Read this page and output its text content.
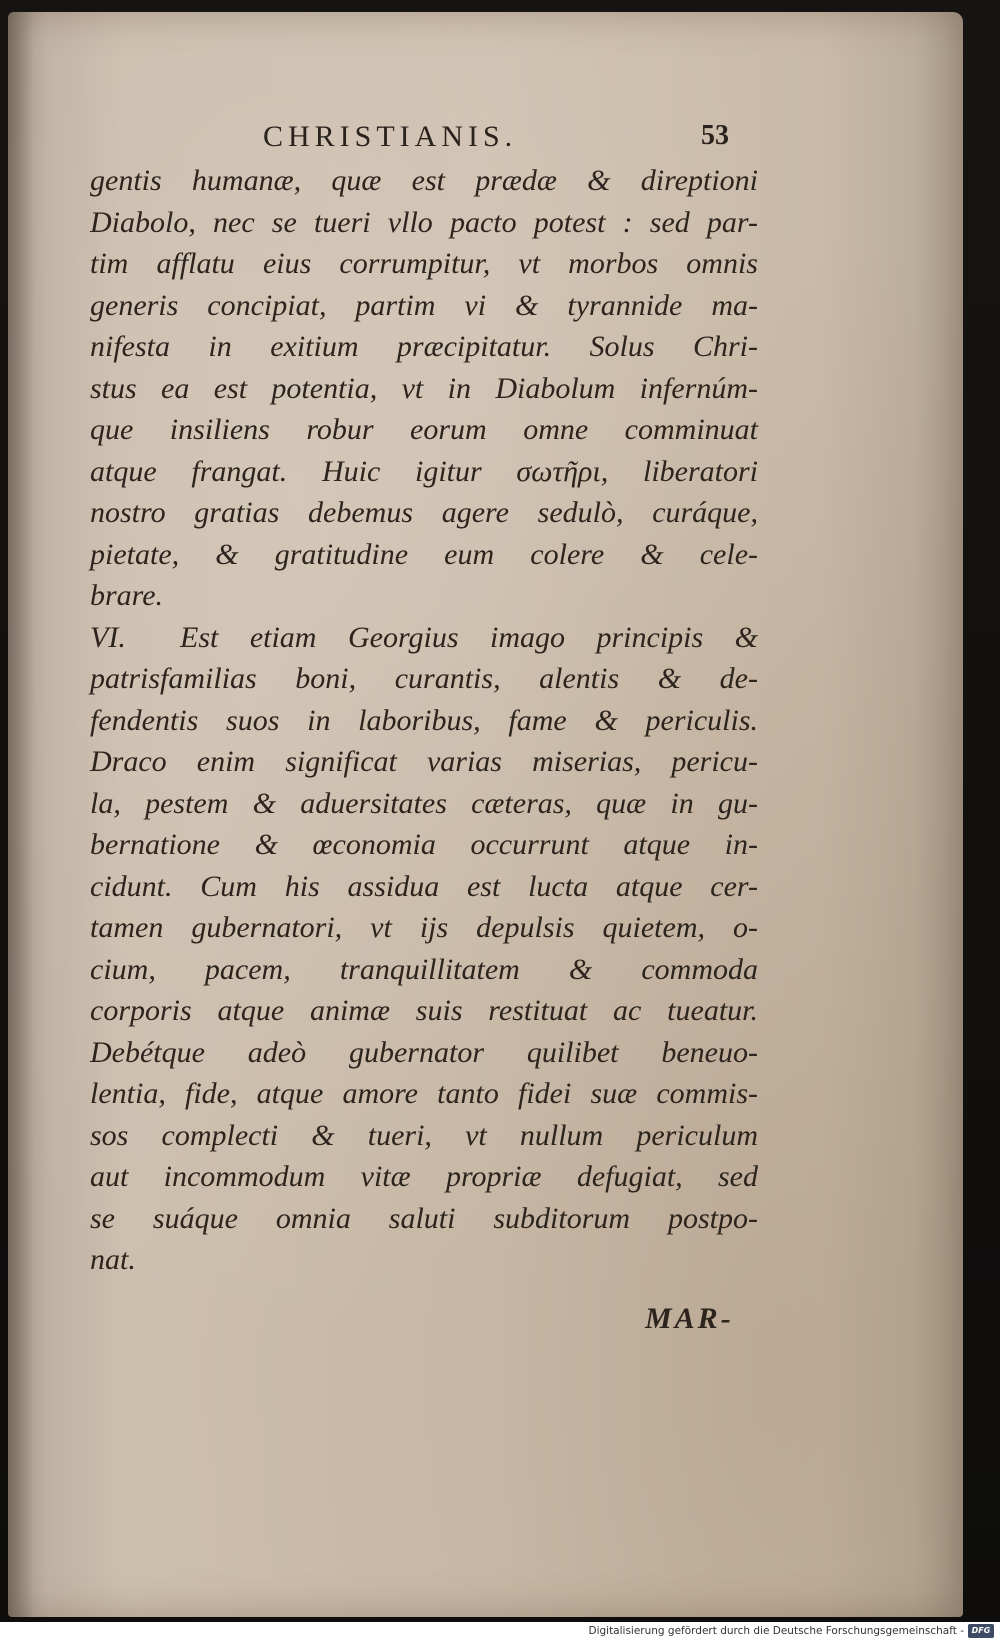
CHRISTIANIS.	53
gentis humanæ, quæ est prædæ & direptioni
Diabolo, nec se tueri vllo pacto potest : sed par-
tim afflatu eius corrumpitur, vt morbos omnis
generis concipiat, partim vi & tyrannide ma-
nifesta in exitium præcipitatur. Solus Chri-
stus ea est potentia, vt in Diabolum infernúm-
que insiliens robur eorum omne comminuat
atque frangat. Huic igitur σωτῆρι, liberatori
nostro gratias debemus agere sedulò, curáque,
pietate, & gratitudine eum colere & cele-
brare.
VI. Est etiam Georgius imago principis &
patrisfamilias boni, curantis, alentis & de-
fendentis suos in laboribus, fame & periculis.
Draco enim significat varias miserias, pericu-
la, pestem & aduersitates cæteras, quæ in gu-
bernatione & œconomia occurrunt atque in-
cidunt. Cum his assidua est lucta atque cer-
tamen gubernatori, vt ijs depulsis quietem, o-
cium, pacem, tranquillitatem & commoda
corporis atque animæ suis restituat ac tueatur.
Debétque adeò gubernator quilibet beneuo-
lentia, fide, atque amore tanto fidei suæ commis-
sos complecti & tueri, vt nullum periculum
aut incommodum vitæ propriæ defugiat, sed
se suáque omnia saluti subditorum postpo-
nat.
MAR-
Digitalisierung gefördert durch die Deutsche Forschungsgemeinschaft - DFG
